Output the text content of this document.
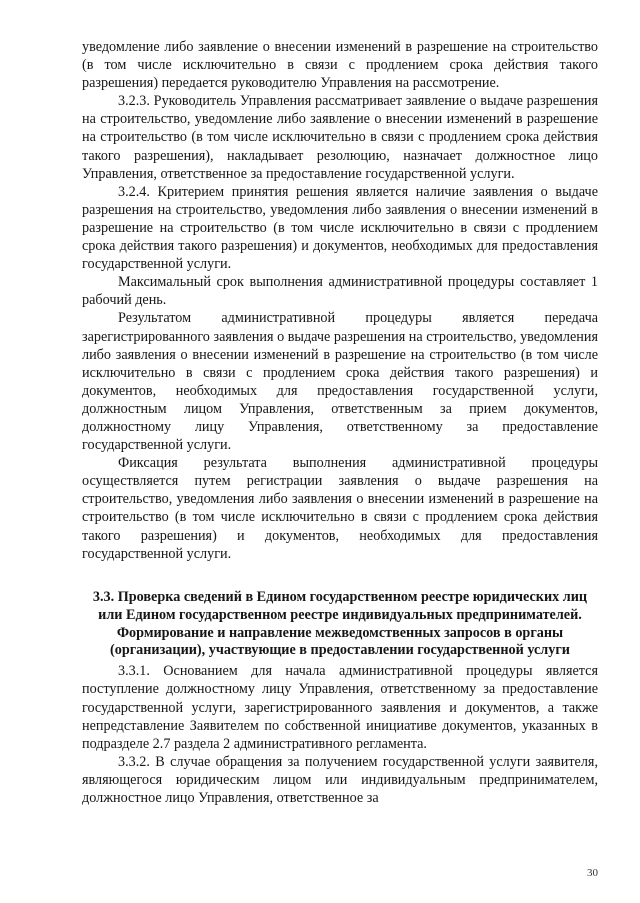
уведомление либо заявление о внесении изменений в разрешение на строительство (в том числе исключительно в связи с продлением срока действия такого разрешения) передается руководителю Управления на рассмотрение.

3.2.3. Руководитель Управления рассматривает заявление о выдаче разрешения на строительство, уведомление либо заявление о внесении изменений в разрешение на строительство (в том числе исключительно в связи с продлением срока действия такого разрешения), накладывает резолюцию, назначает должностное лицо Управления, ответственное за предоставление государственной услуги.

3.2.4. Критерием принятия решения является наличие заявления о выдаче разрешения на строительство, уведомления либо заявления о внесении изменений в разрешение на строительство (в том числе исключительно в связи с продлением срока действия такого разрешения) и документов, необходимых для предоставления государственной услуги.

Максимальный срок выполнения административной процедуры составляет 1 рабочий день.

Результатом административной процедуры является передача зарегистрированного заявления о выдаче разрешения на строительство, уведомления либо заявления о внесении изменений в разрешение на строительство (в том числе исключительно в связи с продлением срока действия такого разрешения) и документов, необходимых для предоставления государственной услуги, должностным лицом Управления, ответственным за прием документов, должностному лицу Управления, ответственному за предоставление государственной услуги.

Фиксация результата выполнения административной процедуры осуществляется путем регистрации заявления о выдаче разрешения на строительство, уведомления либо заявления о внесении изменений в разрешение на строительство (в том числе исключительно в связи с продлением срока действия такого разрешения) и документов, необходимых для предоставления государственной услуги.

3.3. Проверка сведений в Едином государственном реестре юридических лиц или Едином государственном реестре индивидуальных предпринимателей. Формирование и направление межведомственных запросов в органы (организации), участвующие в предоставлении государственной услуги

3.3.1. Основанием для начала административной процедуры является поступление должностному лицу Управления, ответственному за предоставление государственной услуги, зарегистрированного заявления и документов, а также непредставление Заявителем по собственной инициативе документов, указанных в подразделе 2.7 раздела 2 административного регламента.

3.3.2. В случае обращения за получением государственной услуги заявителя, являющегося юридическим лицом или индивидуальным предпринимателем, должностное лицо Управления, ответственное за

30
